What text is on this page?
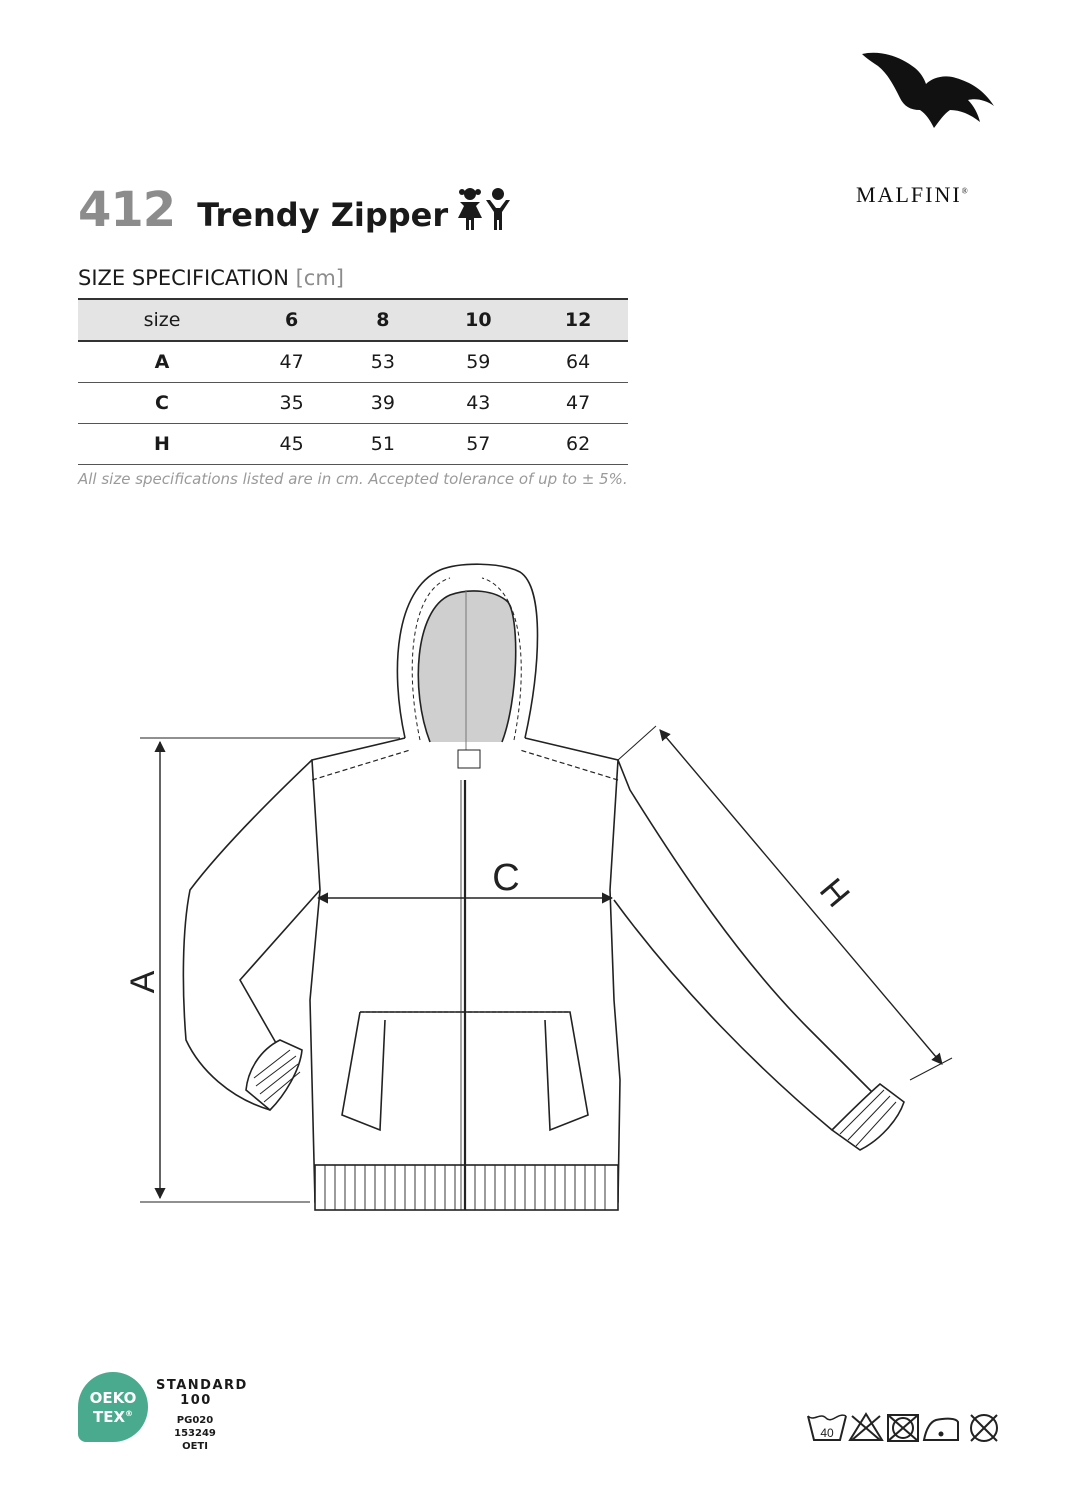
MALFINI®
412 Trendy Zipper
SIZE SPECIFICATION [cm]
size	6	8	10	12
A	47	53	59	64
C	35	39	43	47
H	45	51	57	62
All size specifications listed are in cm. Accepted tolerance of up to ± 5%.
A
C	H
OEKO
TEX®
STANDARD
100
PG020 153249
OETI
40
